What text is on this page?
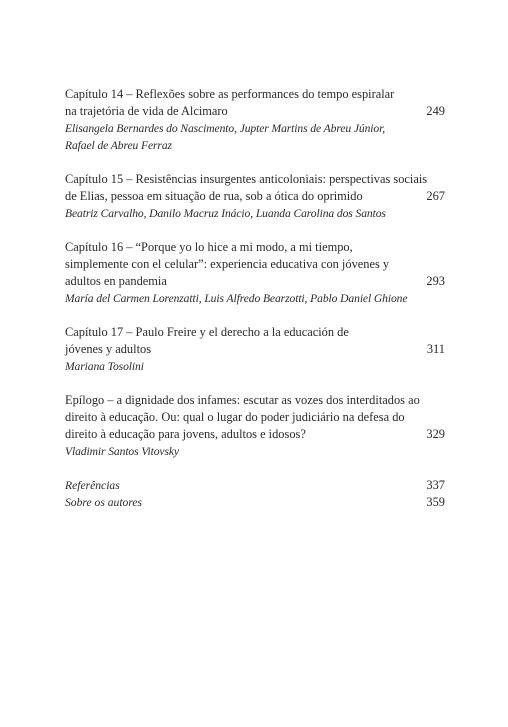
Capítulo 14 – Reflexões sobre as performances do tempo espiralar
na trajetória de vida de Alcimaro
Elisangela Bernardes do Nascimento, Jupter Martins de Abreu Júnior,
Rafael de Abreu Ferraz
249
Capítulo 15 – Resistências insurgentes anticoloniais: perspectivas sociais
de Elias, pessoa em situação de rua, sob a ótica do oprimido
Beatriz Carvalho, Danilo Macruz Inácio, Luanda Carolina dos Santos
267
Capítulo 16 – “Porque yo lo hice a mi modo, a mi tiempo,
simplemente con el celular”: experiencia educativa con jóvenes y
adultos en pandemia
María del Carmen Lorenzatti, Luis Alfredo Bearzotti, Pablo Daniel Ghione
293
Capítulo 17 – Paulo Freire y el derecho a la educación de
jóvenes y adultos
Mariana Tosolini
311
Epílogo – a dignidade dos infames: escutar as vozes dos interditados ao
direito à educação. Ou: qual o lugar do poder judiciário na defesa do
direito à educação para jovens, adultos e idosos?
Vladimir Santos Vitovsky
329
Referências	337
Sobre os autores	359
